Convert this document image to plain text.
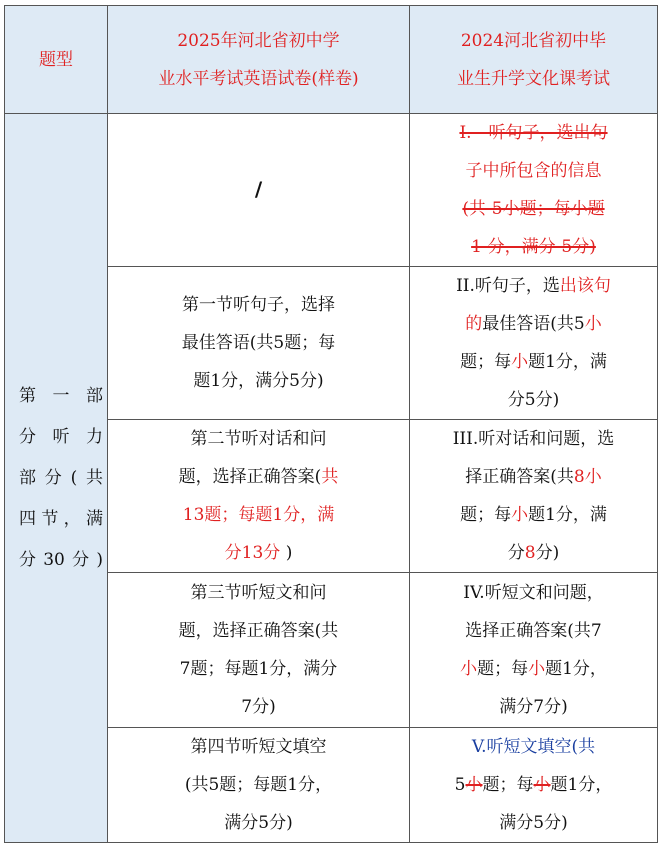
题型	2025年河北省初中学
业水平考试英语试卷(样卷)	2024河北省初中毕
业生升学文化课考试

第 一 部
分 听 力
部分(共
四节，满
分30分)	/	I.—听句子，选出句
子中所包含的信息
(共-5小题；每小题
1-分，满分-5分)

	第一节听句子，选择
最佳答语(共5题；每
题1分，满分5分)	II.听句子，选出该句
的最佳答语(共5小
题；每小题1分，满
分5分)

	第二节听对话和问
题，选择正确答案(共
13题；每题1分，满
分13分 )	III.听对话和问题，选
择正确答案(共8小
题；每小题1分，满
分8分)

	第三节听短文和问
题，选择正确答案(共
7题；每题1分，满分
7分)	IV.听短文和问题，
选择正确答案(共7
小题；每小题1分，
满分7分)

	第四节听短文填空
(共5题；每题1分，
满分5分)	V.听短文填空(共
5小题；每小题1分，
满分5分)
